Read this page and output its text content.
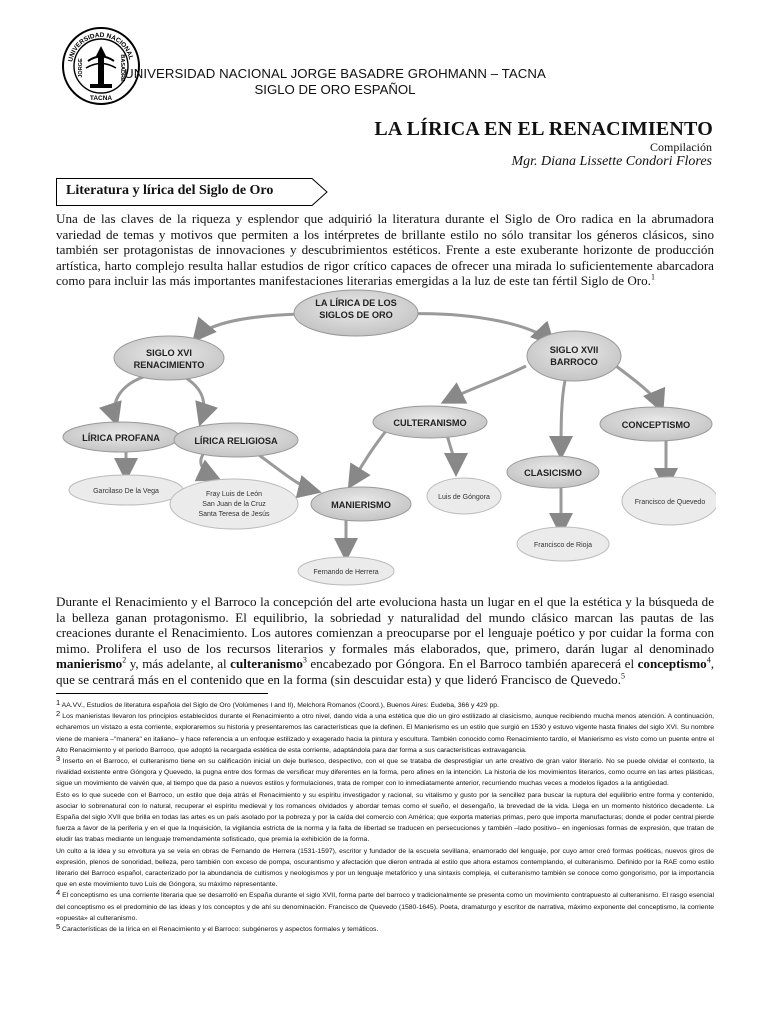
UNIVERSIDAD NACIONAL
JORGE	BASADRE
TACNA
UNIVERSIDAD NACIONAL JORGE BASADRE GROHMANN – TACNA
SIGLO DE ORO ESPAÑOL
LA LÍRICA EN EL RENACIMIENTO
Compilación
Mgr. Diana Lissette Condori Flores
Literatura y lírica del Siglo de Oro

Una de las claves de la riqueza y esplendor que adquirió la literatura durante el Siglo de Oro radica en la abrumadora variedad de temas y motivos que permiten a los intérpretes de brillante estilo no sólo transitar los géneros clásicos, sino también ser protagonistas de innovaciones y descubrimientos estéticos. Frente a este exuberante horizonte de producción artística, harto complejo resulta hallar estudios de rigor crítico capaces de ofrecer una mirada lo suficientemente abarcadora como para incluir las más importantes manifestaciones literarias emergidas a la luz de este tan fértil Siglo de Oro.$^1$

LA LÍRICA DE LOS SIGLOS DE ORO
SIGLO XVI RENACIMIENTO
SIGLO XVII BARROCO
LÍRICA PROFANA	LÍRICA RELIGIOSA
MANIERISMO
CULTERANISMO	CONCEPTISMO
CLASICISMO
Garcilaso De la Vega	Fray Luis de León San Juan de la Cruz Santa Teresa de Jesús
Luis de Góngora
Francisco de Quevedo
Francisco de Rioja
Fernando de Herrera

Durante el Renacimiento y el Barroco la concepción del arte evoluciona hasta un lugar en el que la estética y la búsqueda de la belleza ganan protagonismo. El equilibrio, la sobriedad y naturalidad del mundo clásico marcan las pautas de las creaciones durante el Renacimiento. Los autores comienzan a preocuparse por el lenguaje poético y por cuidar la forma con mimo. Prolifera el uso de los recursos literarios y formales más elaborados, que, primero, darán lugar al denominado manierismo$^2$ y, más adelante, al culteranismo$^3$ encabezado por Góngora. En el Barroco también aparecerá el conceptismo$^4$, que se centrará más en el contenido que en la forma (sin descuidar esta) y que lideró Francisco de Quevedo.$^5$

$^1$ AA.VV., Estudios de literatura española del Siglo de Oro (Volúmenes I and II), Melchora Romanos (Coord.), Buenos Aires: Eudeba, 366 y 429 pp.

$^2$ Los manieristas llevaron los principios establecidos durante el Renacimiento a otro nivel, dando vida a una estética que dio un giro estilizado al clasicismo, aunque recibiendo mucha menos atención. A continuación, echaremos un vistazo a esta corriente, exploraremos su historia y presentaremos las características que la definen. El Manierismo es un estilo que surgió en 1530 y estuvo vigente hasta finales del siglo XVI. Su nombre viene de maniera –"manera" en italiano– y hace referencia a un enfoque estilizado y exagerado hacia la pintura y escultura. También conocido como Renacimiento tardío, el Manierismo es visto como un puente entre el Alto Renacimiento y el periodo Barroco, que adoptó la recargada estética de esta corriente, adaptándola para dar forma a sus características extravagancia.

$^3$ Inserto en el Barroco, el culteranismo tiene en su calificación inicial un deje burlesco, despectivo, con el que se trataba de desprestigiar un arte creativo de gran valor literario. No se puede olvidar el contexto, la rivalidad existente entre Góngora y Quevedo, la pugna entre dos formas de versificar muy diferentes en la forma, pero afines en la intención. La historia de los movimientos literarios, como ocurre en las artes plásticas, sigue un movimiento de vaivén que, al tiempo que da paso a nuevos estilos y formulaciones, trata de romper con lo inmediatamente anterior, recurriendo muchas veces a modelos ligados a la antigüedad.

Esto es lo que sucede con el Barroco, un estilo que deja atrás el Renacimiento y su espíritu investigador y racional, su vitalismo y gusto por la sencillez para buscar la ruptura del equilibrio entre forma y contenido, asociar lo sobrenatural con lo natural, recuperar el espíritu medieval y los romances olvidados y abordar temas como el sueño, el desengaño, la brevedad de la vida. Llega en un momento histórico decadente. La España del siglo XVII que brilla en todas las artes es un país asolado por la pobreza y por la caída del comercio con América; que exporta materias primas, pero que importa manufacturas; donde el poder central pierde fuerza a favor de la periferia y en el que la Inquisición, la vigilancia estricta de la norma y la falta de libertad se traducen en persecuciones y también –lado positivo– en ingeniosas formas de expresión, que tratan de eludir las trabas mediante un lenguaje tremendamente sofisticado, que premia la exhibición de la forma.

Un culto a la idea y su envoltura ya se veía en obras de Fernando de Herrera (1531-1597), escritor y fundador de la escuela sevillana, enamorado del lenguaje, por cuyo amor creó formas poéticas, nuevos giros de expresión, plenos de sonoridad, belleza, pero también con exceso de pompa, oscurantismo y afectación que dieron entrada al estilo que ahora estamos contemplando, el culteranismo. Definido por la RAE como estilo literario del Barroco español, caracterizado por la abundancia de cultismos y neologismos y por un lenguaje metafórico y una sintaxis compleja, el culteranismo también se conoce como gongorismo, por la importancia que en este movimiento tuvo Luis de Góngora, su máximo representante.

$^4$ El conceptismo es una corriente literaria que se desarrolló en España durante el siglo XVII, forma parte del barroco y tradicionalmente se presenta como un movimiento contrapuesto al culteranismo. El rasgo esencial del conceptismo es el predominio de las ideas y los conceptos y de ahí su denominación. Francisco de Quevedo (1580-1645). Poeta, dramaturgo y escritor de narrativa, máximo exponente del conceptismo, la corriente «opuesta» al culteranismo.

$^5$ Características de la lírica en el Renacimiento y el Barroco: subgéneros y aspectos formales y temáticos.
